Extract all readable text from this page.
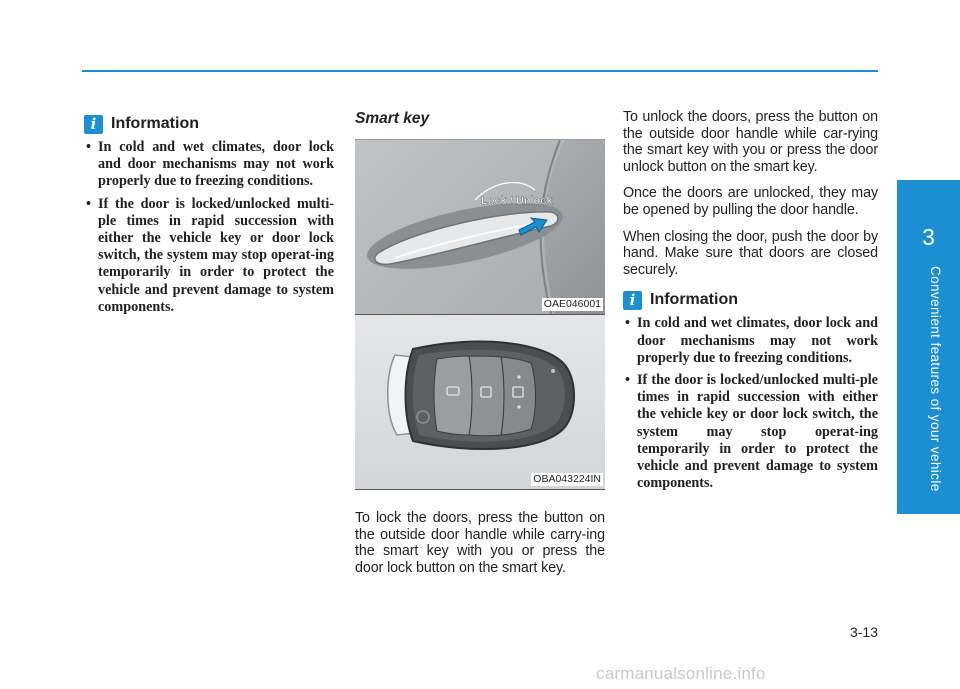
3
Convenient features of your vehicle
i Information
• In cold and wet climates, door lock and door mechanisms may not work properly due to freezing conditions.
• If the door is locked/unlocked multi-ple times in rapid succession with either the vehicle key or door lock switch, the system may stop operat-ing temporarily in order to protect the vehicle and prevent damage to system components.
Smart key
Lock / Unlock
OAE046001
OBA043224IN

To lock the doors, press the button on the outside door handle while carry-ing the smart key with you or press the door lock button on the smart key.

To unlock the doors, press the button on the outside door handle while car-rying the smart key with you or press the door unlock button on the smart key.

Once the doors are unlocked, they may be opened by pulling the door handle.

When closing the door, push the door by hand. Make sure that doors are closed securely.

i Information
• In cold and wet climates, door lock and door mechanisms may not work properly due to freezing conditions.
• If the door is locked/unlocked multi-ple times in rapid succession with either the vehicle key or door lock switch, the system may stop operat-ing temporarily in order to protect the vehicle and prevent damage to system components.
3-13
carmanualsonline.info
